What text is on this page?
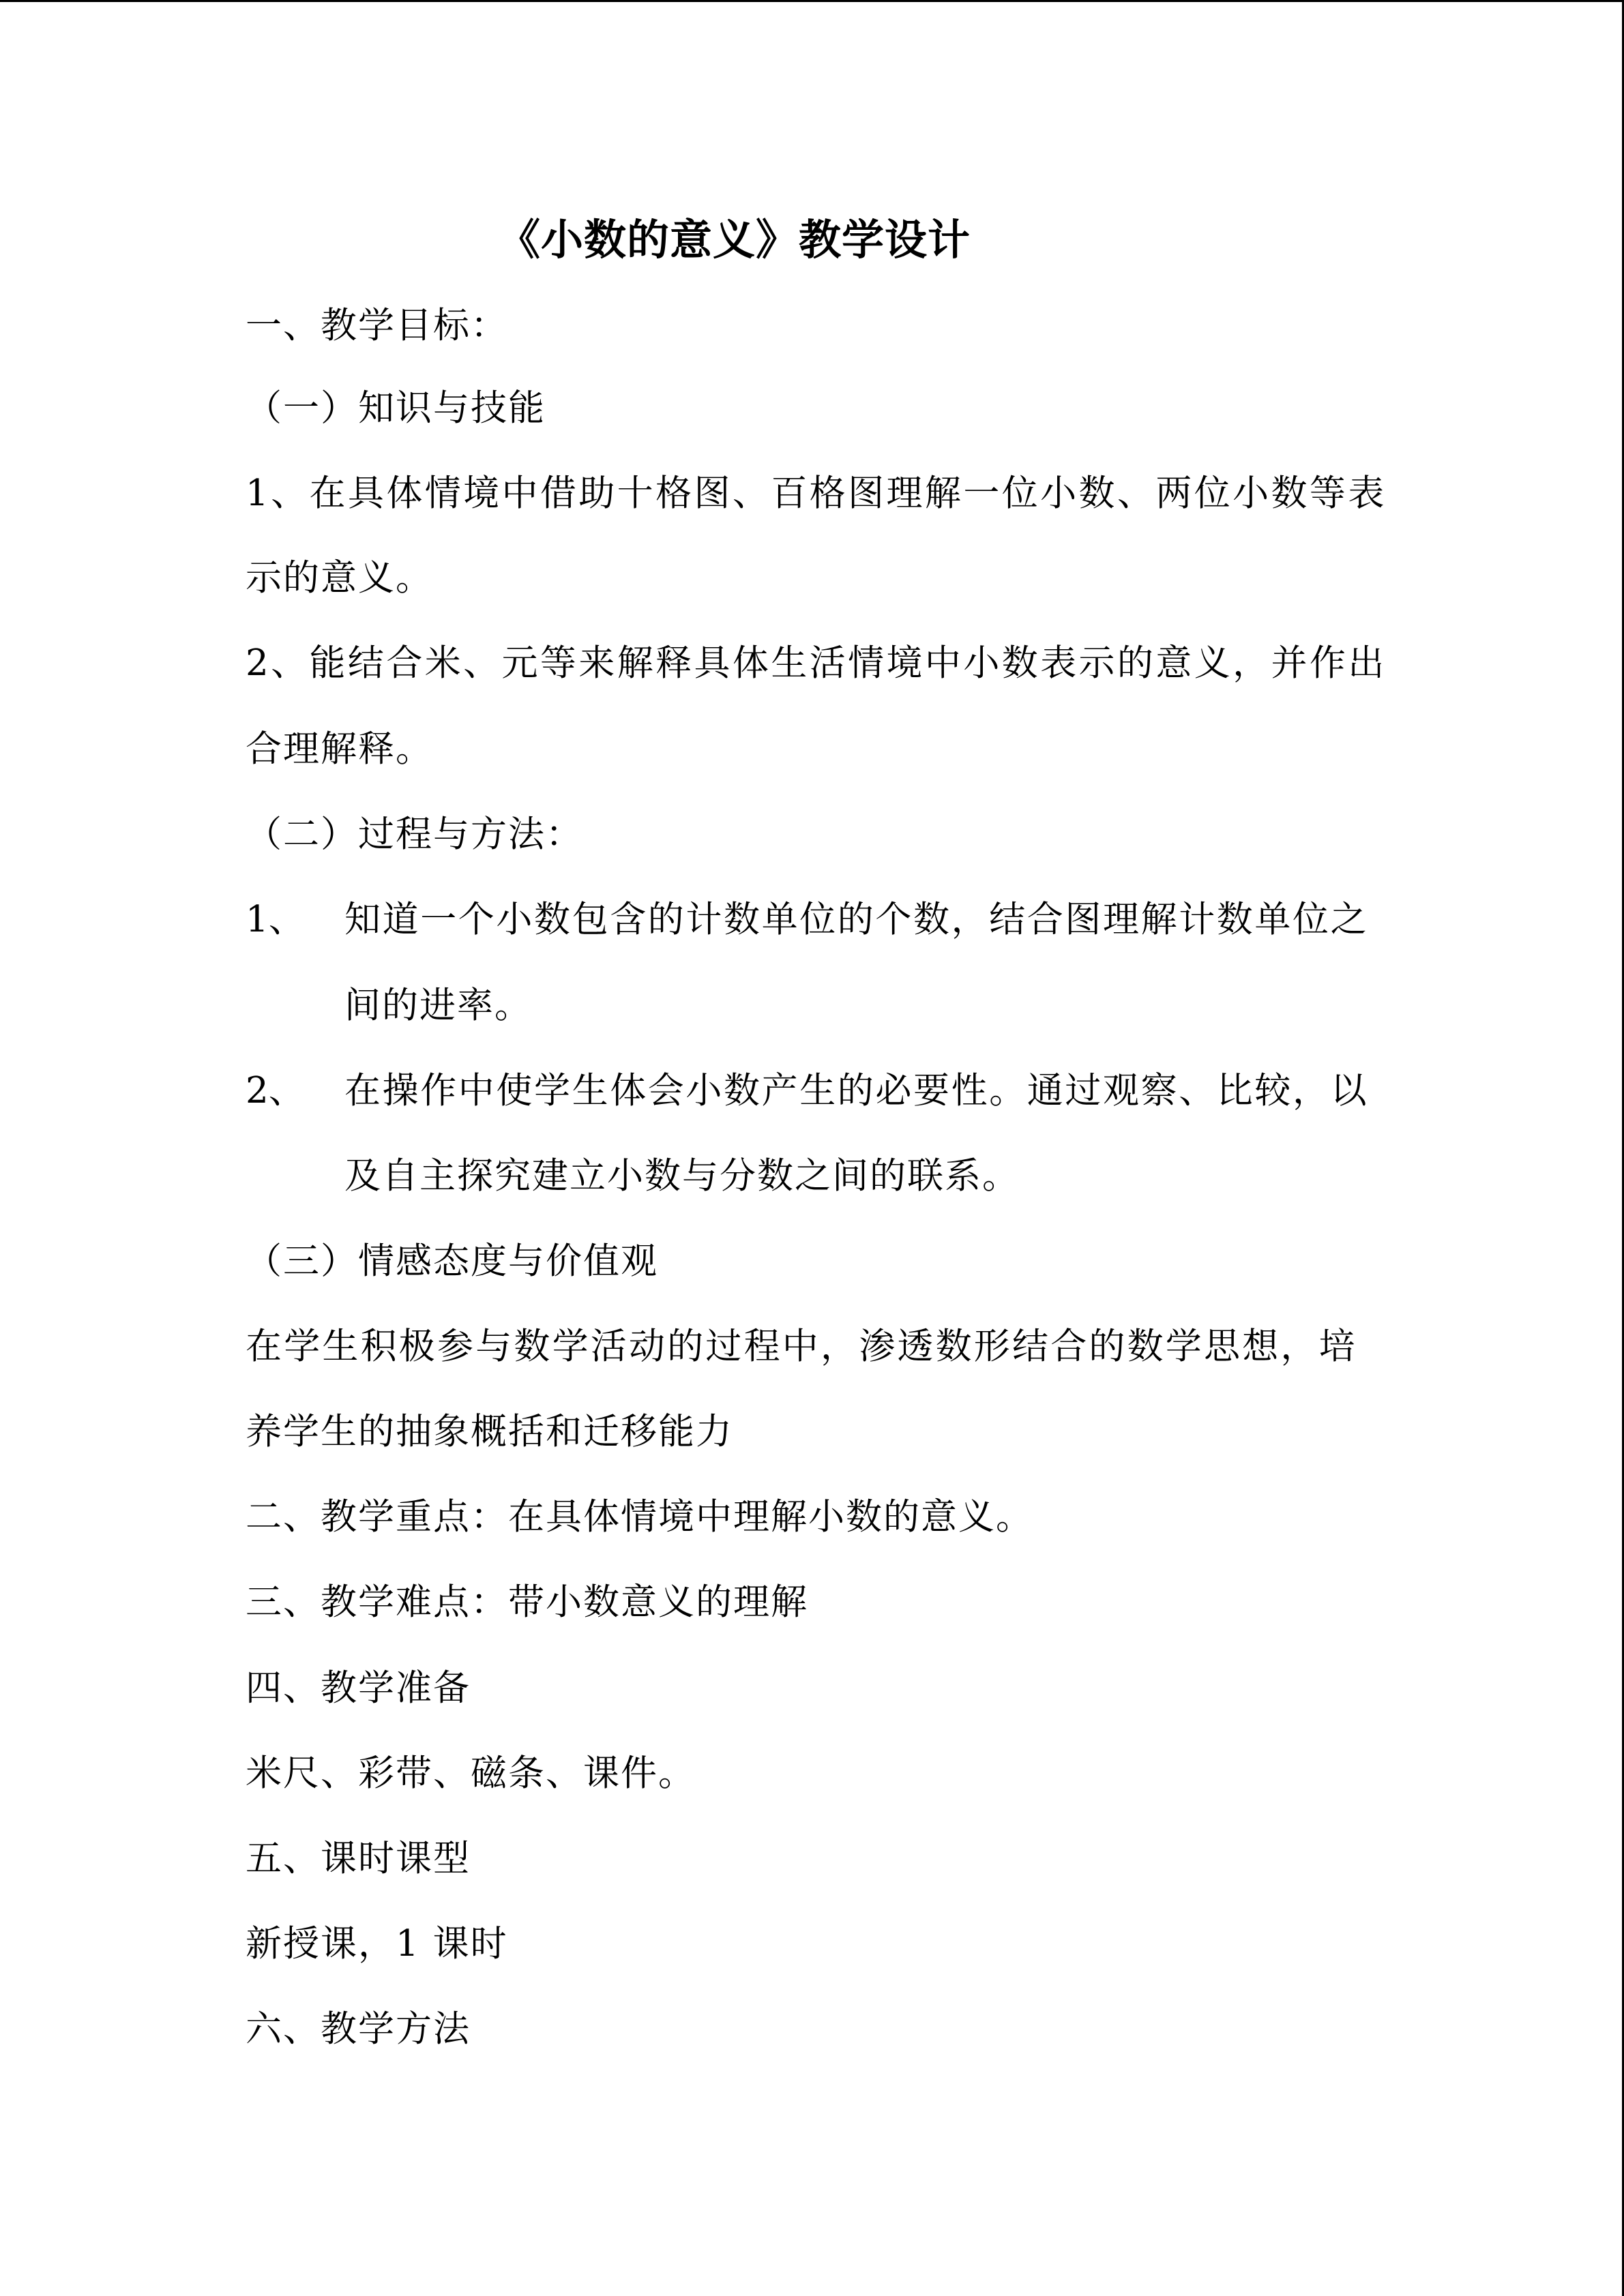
《小数的意义》教学设计
一、教学目标：
（一）知识与技能
1、在具体情境中借助十格图、百格图理解一位小数、两位小数等表
示的意义。
2、能结合米、元等来解释具体生活情境中小数表示的意义，并作出
合理解释。
（二）过程与方法：
1、 知道一个小数包含的计数单位的个数，结合图理解计数单位之
间的进率。
2、 在操作中使学生体会小数产生的必要性。通过观察、比较，以
及自主探究建立小数与分数之间的联系。
（三）情感态度与价值观
在学生积极参与数学活动的过程中，渗透数形结合的数学思想，培
养学生的抽象概括和迁移能力
二、教学重点：在具体情境中理解小数的意义。
三、教学难点：带小数意义的理解
四、教学准备
米尺、彩带、磁条、课件。
五、课时课型
新授课，1 课时
六、教学方法
